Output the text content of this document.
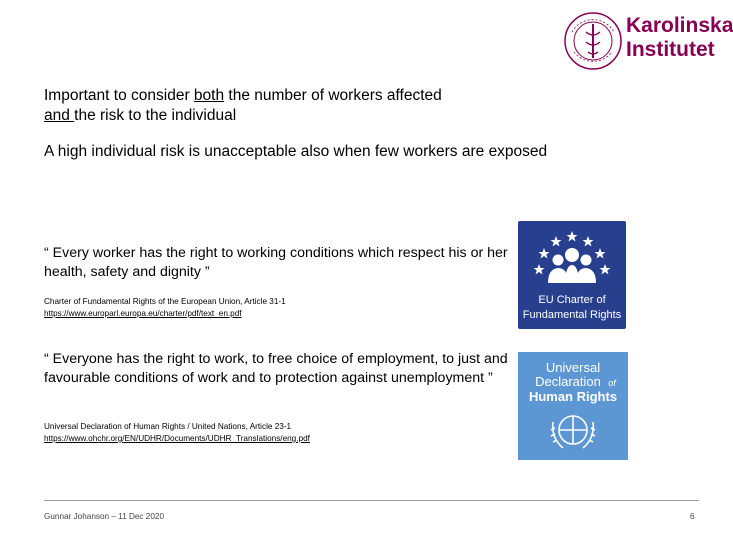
Karolinska
Institutet
Important to consider both the number of workers affected
and the risk to the individual
A high individual risk is unacceptable also when few workers are exposed
“ Every worker has the right to working conditions which respect his or her health, safety and dignity ”
Charter of Fundamental Rights of the European Union, Article 31-1
https://www.europarl.europa.eu/charter/pdf/text_en.pdf
“ Everyone has the right to work, to free choice of employment, to just and favourable conditions of work and to protection against unemployment ”
Universal Declaration of Human Rights / United Nations, Article 23-1
https://www.ohchr.org/EN/UDHR/Documents/UDHR_Translations/eng.pdf
EU Charter of
Fundamental Rights
Universal
Declaration of
Human Rights
Gunnar Johanson – 11 Dec 2020	6
